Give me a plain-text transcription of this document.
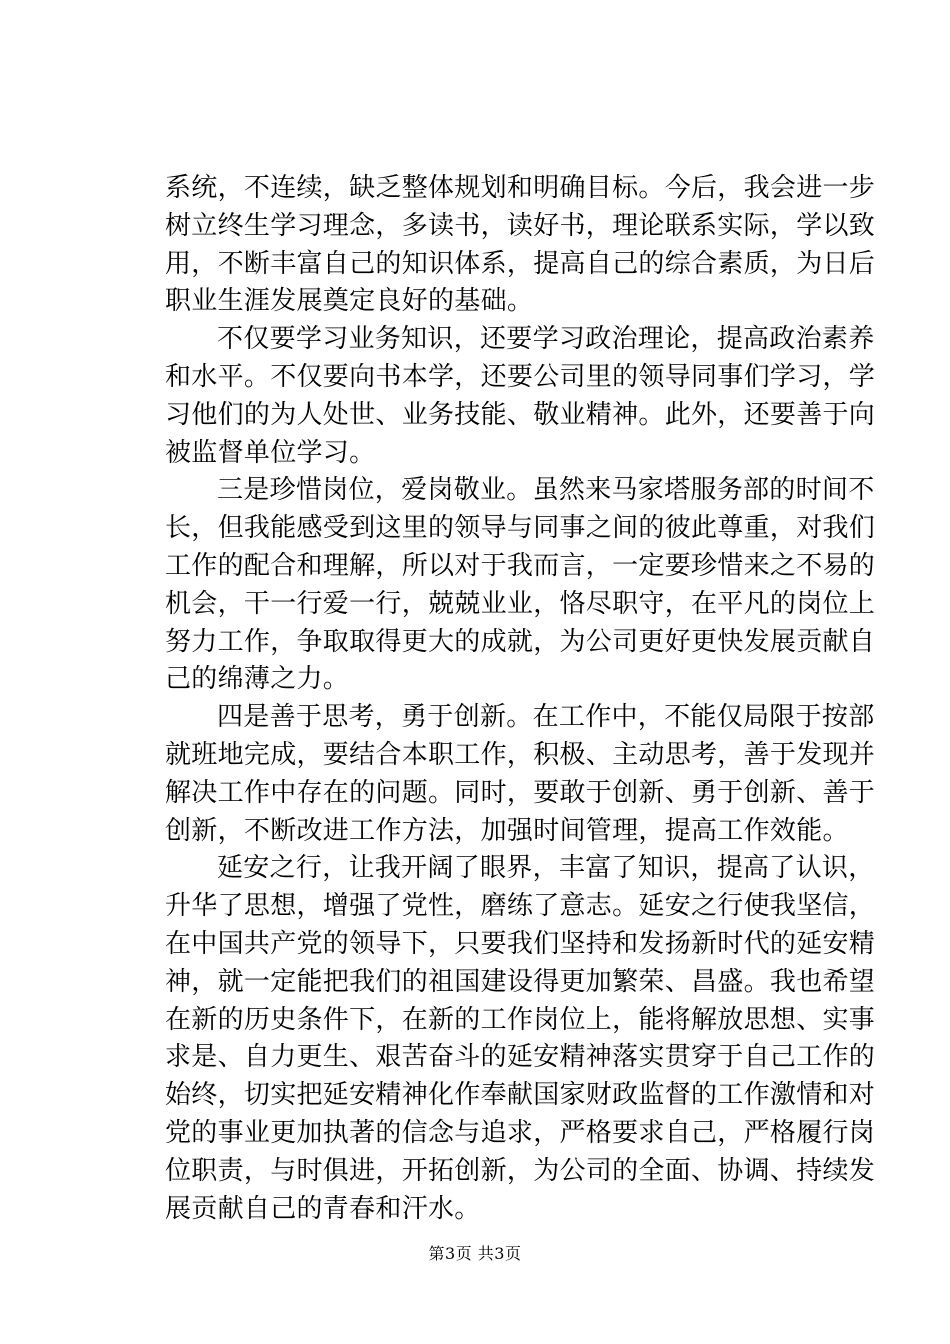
系统，不连续，缺乏整体规划和明确目标。今后，我会进一步
树立终生学习理念，多读书，读好书，理论联系实际，学以致
用，不断丰富自己的知识体系，提高自己的综合素质，为日后
职业生涯发展奠定良好的基础。
不仅要学习业务知识，还要学习政治理论，提高政治素养
和水平。不仅要向书本学，还要公司里的领导同事们学习，学
习他们的为人处世、业务技能、敬业精神。此外，还要善于向
被监督单位学习。
三是珍惜岗位，爱岗敬业。虽然来马家塔服务部的时间不
长，但我能感受到这里的领导与同事之间的彼此尊重，对我们
工作的配合和理解，所以对于我而言，一定要珍惜来之不易的
机会，干一行爱一行，兢兢业业，恪尽职守，在平凡的岗位上
努力工作，争取取得更大的成就，为公司更好更快发展贡献自
己的绵薄之力。
四是善于思考，勇于创新。在工作中，不能仅局限于按部
就班地完成，要结合本职工作，积极、主动思考，善于发现并
解决工作中存在的问题。同时，要敢于创新、勇于创新、善于
创新，不断改进工作方法，加强时间管理，提高工作效能。
延安之行，让我开阔了眼界，丰富了知识，提高了认识，
升华了思想，增强了党性，磨练了意志。延安之行使我坚信，
在中国共产党的领导下，只要我们坚持和发扬新时代的延安精
神，就一定能把我们的祖国建设得更加繁荣、昌盛。我也希望
在新的历史条件下，在新的工作岗位上，能将解放思想、实事
求是、自力更生、艰苦奋斗的延安精神落实贯穿于自己工作的
始终，切实把延安精神化作奉献国家财政监督的工作激情和对
党的事业更加执著的信念与追求，严格要求自己，严格履行岗
位职责，与时俱进，开拓创新，为公司的全面、协调、持续发
展贡献自己的青春和汗水。
第3页 共3页
